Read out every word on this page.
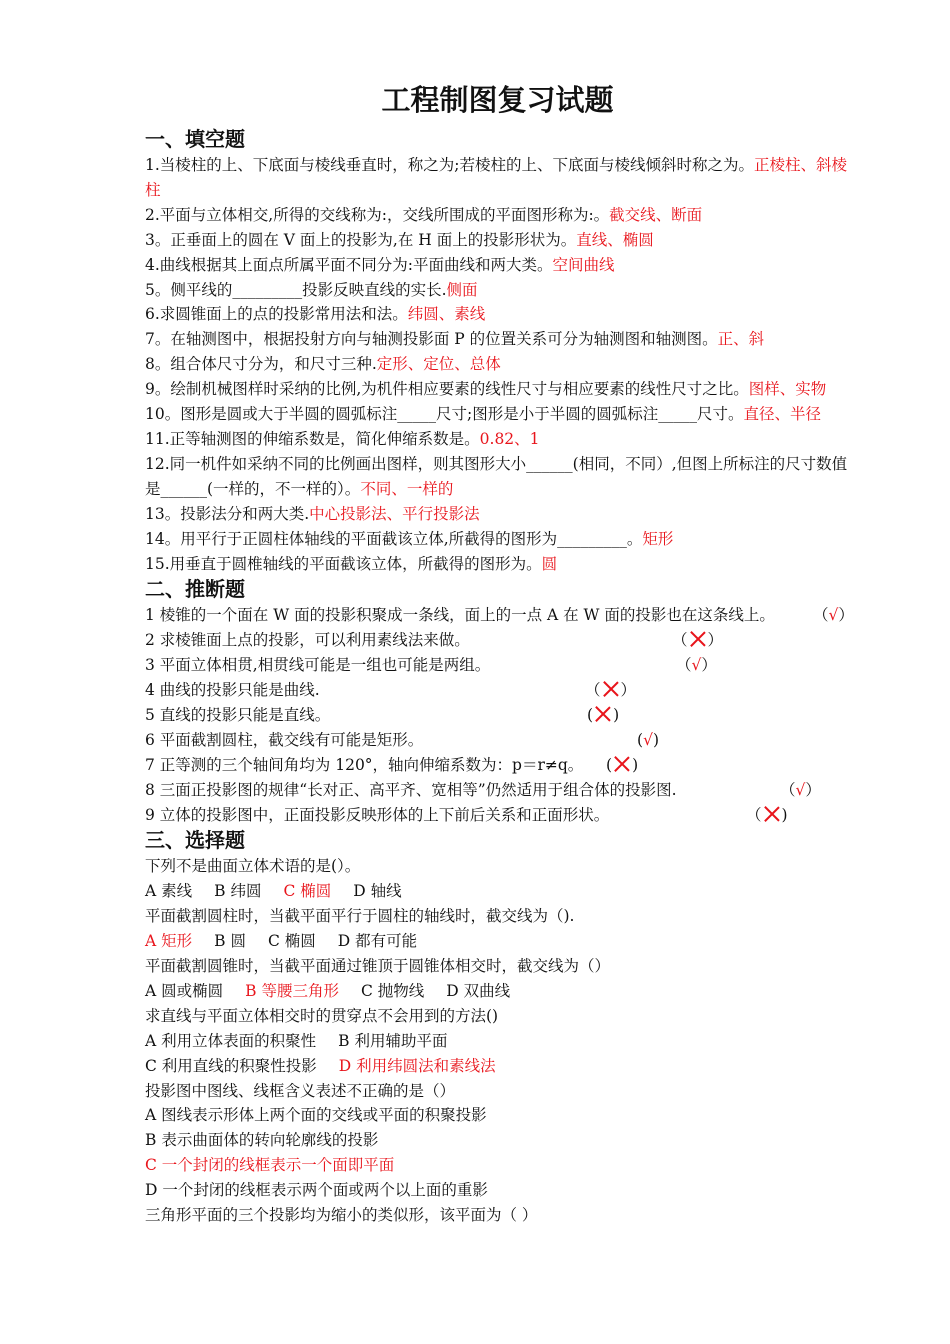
工程制图复习试题
一、填空题
1.当棱柱的上、下底面与棱线垂直时，称之为;若棱柱的上、下底面与棱线倾斜时称之为。正棱柱、斜棱柱
2.平面与立体相交,所得的交线称为:，交线所围成的平面图形称为:。截交线、断面
3。正垂面上的圆在 V 面上的投影为,在 H 面上的投影形状为。直线、椭圆
4.曲线根据其上面点所属平面不同分为:平面曲线和两大类。空间曲线
5。侧平线的_________投影反映直线的实长.侧面
6.求圆锥面上的点的投影常用法和法。纬圆、素线
7。在轴测图中，根据投射方向与轴测投影面 P 的位置关系可分为轴测图和轴测图。正、斜
8。组合体尺寸分为，和尺寸三种.定形、定位、总体
9。绘制机械图样时采纳的比例,为机件相应要素的线性尺寸与相应要素的线性尺寸之比。图样、实物
10。图形是圆或大于半圆的圆弧标注_____尺寸;图形是小于半圆的圆弧标注_____尺寸。直径、半径
11.正等轴测图的伸缩系数是，简化伸缩系数是。0.82、1
12.同一机件如采纳不同的比例画出图样，则其图形大小______(相同，不同）,但图上所标注的尺寸数值是______(一样的，不一样的）。不同、一样的
13。投影法分和两大类.中心投影法、平行投影法
14。用平行于正圆柱体轴线的平面截该立体,所截得的图形为_________。矩形
15.用垂直于圆椎轴线的平面截该立体，所截得的图形为。圆
二、推断题
1 棱锥的一个面在 W 面的投影积聚成一条线，面上的一点 A 在 W 面的投影也在这条线上。 （√）
2 求棱锥面上点的投影，可以利用素线法来做。	（ ）
3 平面立体相贯,相贯线可能是一组也可能是两组。	（√）
4 曲线的投影只能是曲线.	（ ）
5 直线的投影只能是直线。	( )
6 平面截割圆柱，截交线有可能是矩形。	(√)
7 正等测的三个轴间角均为 120°，轴向伸缩系数为：p＝r≠q。 ( )
8 三面正投影图的规律“长对正、高平齐、宽相等”仍然适用于组合体的投影图.	（√）
9 立体的投影图中，正面投影反映形体的上下前后关系和正面形状。	（ )
三、选择题
下列不是曲面立体术语的是(）。
A 素线 B 纬圆 C 椭圆 D 轴线
平面截割圆柱时，当截平面平行于圆柱的轴线时，截交线为（).
A 矩形 B 圆 C 椭圆 D 都有可能
平面截割圆锥时，当截平面通过锥顶于圆锥体相交时，截交线为（）
A 圆或椭圆 B 等腰三角形 C 抛物线 D 双曲线
求直线与平面立体相交时的贯穿点不会用到的方法()
A 利用立体表面的积聚性 B 利用辅助平面
C 利用直线的积聚性投影 D 利用纬圆法和素线法
投影图中图线、线框含义表述不正确的是（）
A 图线表示形体上两个面的交线或平面的积聚投影
B 表示曲面体的转向轮廓线的投影
C 一个封闭的线框表示一个面即平面
D 一个封闭的线框表示两个面或两个以上面的重影
三角形平面的三个投影均为缩小的类似形，该平面为（ ）
